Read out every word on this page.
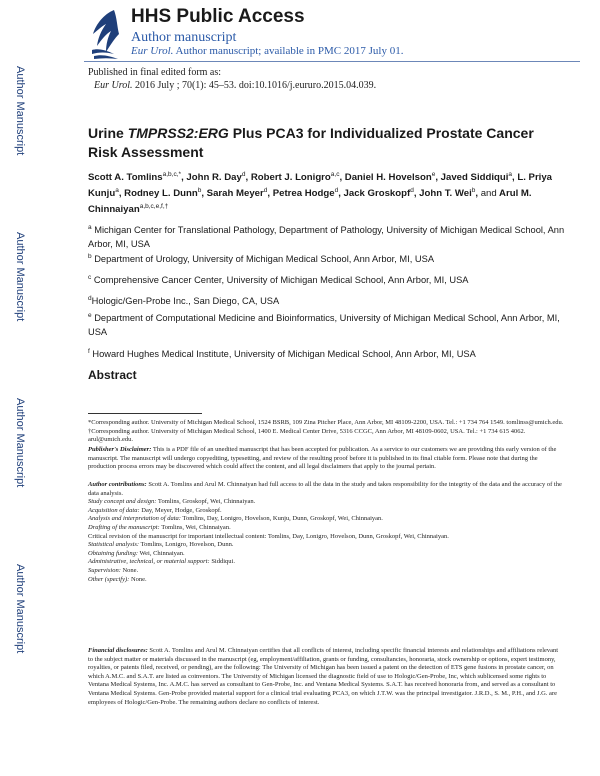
Author Manuscript
Author Manuscript
Author Manuscript
Author Manuscript
HHS Public Access
Author manuscript
Eur Urol. Author manuscript; available in PMC 2017 July 01.
Published in final edited form as:
Eur Urol. 2016 July ; 70(1): 45–53. doi:10.1016/j.eururo.2015.04.039.
Urine TMPRSS2:ERG Plus PCA3 for Individualized Prostate Cancer Risk Assessment
Scott A. Tomlins$^{a,b,c,*}$, John R. Day$^d$, Robert J. Lonigro$^{a,c}$, Daniel H. Hovelson$^e$, Javed Siddiqui$^a$, L. Priya Kunju$^a$, Rodney L. Dunn$^b$, Sarah Meyer$^d$, Petrea Hodge$^d$, Jack Groskopf$^d$, John T. Wei$^b$, and Arul M. Chinnaiyan$^{a,b,c,e,f,\dagger}$
$^a$ Michigan Center for Translational Pathology, Department of Pathology, University of Michigan Medical School, Ann Arbor, MI, USA
$^b$ Department of Urology, University of Michigan Medical School, Ann Arbor, MI, USA
$^c$ Comprehensive Cancer Center, University of Michigan Medical School, Ann Arbor, MI, USA
$^d$Hologic/Gen-Probe Inc., San Diego, CA, USA
$^e$ Department of Computational Medicine and Bioinformatics, University of Michigan Medical School, Ann Arbor, MI, USA
$^f$ Howard Hughes Medical Institute, University of Michigan Medical School, Ann Arbor, MI, USA
Abstract
*Corresponding author. University of Michigan Medical School, 1524 BSRB, 109 Zina Pitcher Place, Ann Arbor, MI 48109-2200, USA. Tel.: +1 734 764 1549. tomlinss@umich.edu. †Corresponding author. University of Michigan Medical School, 1400 E. Medical Center Drive, 5316 CCGC, Ann Arbor, MI 48109-0602, USA. Tel.: +1 734 615 4062. arul@umich.edu.
Publisher's Disclaimer: This is a PDF file of an unedited manuscript that has been accepted for publication. As a service to our customers we are providing this early version of the manuscript. The manuscript will undergo copyediting, typesetting, and review of the resulting proof before it is published in its final citable form. Please note that during the production process errors may be discovered which could affect the content, and all legal disclaimers that apply to the journal pertain.
Author contributions: Scott A. Tomlins and Arul M. Chinnaiyan had full access to all the data in the study and takes responsibility for the integrity of the data and the accuracy of the data analysis.
Study concept and design: Tomlins, Groskopf, Wei, Chinnaiyan.
Acquisition of data: Day, Meyer, Hodge, Groskopf.
Analysis and interpretation of data: Tomlins, Day, Lonigro, Hovelson, Kunju, Dunn, Groskopf, Wei, Chinnaiyan.
Drafting of the manuscript: Tomlins, Wei, Chinnaiyan.
Critical revision of the manuscript for important intellectual content: Tomlins, Day, Lonigro, Hovelson, Dunn, Groskopf, Wei, Chinnaiyan.
Statistical analysis: Tomlins, Lonigro, Hovelson, Dunn.
Obtaining funding: Wei, Chinnaiyan.
Administrative, technical, or material support: Siddiqui.
Supervision: None.
Other (specify): None.
Financial disclosures: Scott A. Tomlins and Arul M. Chinnaiyan certifies that all conflicts of interest, including specific financial interests and relationships and affiliations relevant to the subject matter or materials discussed in the manuscript (eg, employment/affiliation, grants or funding, consultancies, honoraria, stock ownership or options, expert testimony, royalties, or patents filed, received, or pending), are the following: The University of Michigan has been issued a patent on the detection of ETS gene fusions in prostate cancer, on which A.M.C. and S.A.T. are listed as coinventors. The University of Michigan licensed the diagnostic field of use to Hologic/Gen-Probe, Inc, which sublicensed some rights to Ventana Medical Systems, Inc. A.M.C. has served as consultant to Gen-Probe, Inc. and Ventana Medical Systems. S.A.T. has received honoraria from, and served as a consultant to Ventana Medical Systems. Gen-Probe provided material support for a clinical trial evaluating PCA3, on which J.T.W. was the principal investigator. J.R.D., S. M., P.H., and J.G. are employees of Hologic/Gen-Probe. The remaining authors declare no conflicts of interest.
